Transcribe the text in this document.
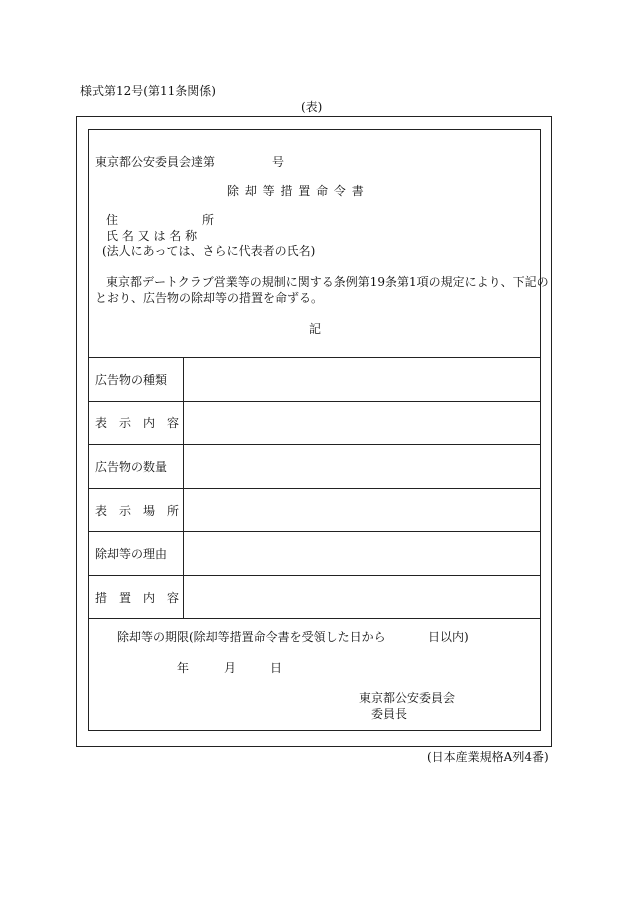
様式第12号(第11条関係)
(表)
東京都公安委員会達第	号
除 却 等 措 置 命 令 書
住	所
氏 名 又 は 名 称
(法人にあっては、さらに代表者の氏名)
東京都デートクラブ営業等の規制に関する条例第19条第1項の規定により、下記の
とおり、広告物の除却等の措置を命ずる。
記
広告物の種類
表　示　内　容
広告物の数量
表　示　場　所
除却等の理由
措　置　内　容
除却等の期限(除却等措置命令書を受領した日から	日以内)
年	月	日
東京都公安委員会
委員長
(日本産業規格A列4番)
